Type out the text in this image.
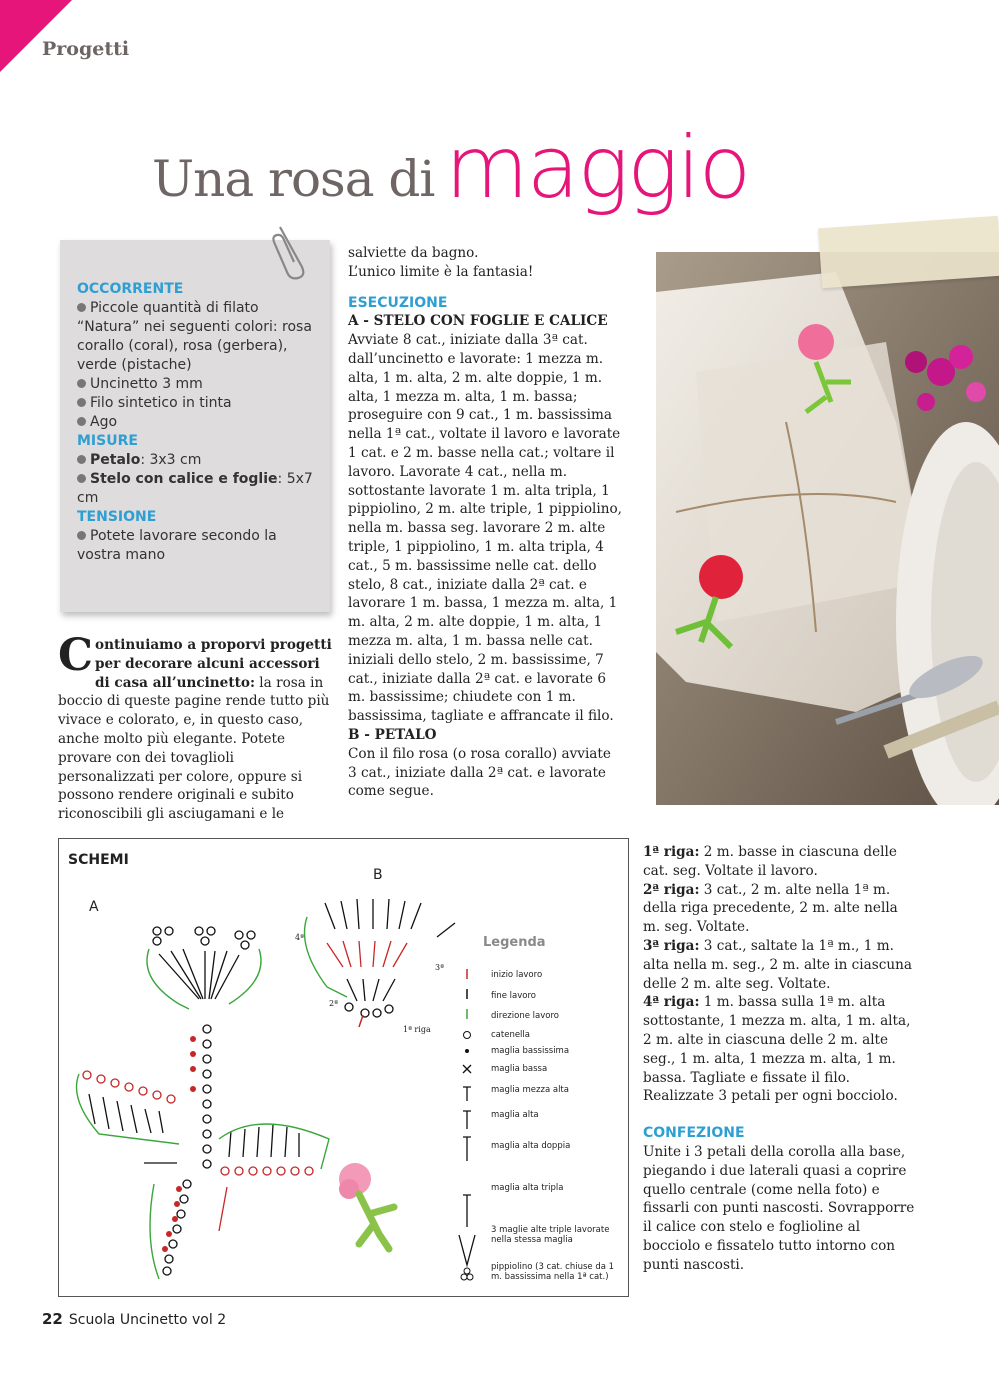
Progetti
Una rosa di maggio

OCCORRENTE

Piccole quantità di filato “Natura” nei seguenti colori: rosa corallo (coral), rosa (gerbera), verde (pistache)

Uncinetto 3 mm

Filo sintetico in tinta

Ago

MISURE

Petalo: 3x3 cm

Stelo con calice e foglie: 5x7 cm

TENSIONE

Potete lavorare secondo la vostra mano

Continuiamo a proporvi progetti per decorare alcuni accessori di casa all’uncinetto: la rosa in boccio di queste pagine rende tutto più vivace e colorato, e, in questo caso, anche molto più elegante. Potete provare con dei tovaglioli personalizzati per colore, oppure si possono rendere originali e subito riconoscibili gli asciugamani e le

salviette da bagno.

L’unico limite è la fantasia!

ESECUZIONE

A - STELO CON FOGLIE E CALICE

Avviate 8 cat., iniziate dalla 3ª cat. dall’uncinetto e lavorate: 1 mezza m. alta, 1 m. alta, 2 m. alte doppie, 1 m. alta, 1 mezza m. alta, 1 m. bassa; proseguire con 9 cat., 1 m. bassissima nella 1ª cat., voltate il lavoro e lavorate 1 cat. e 2 m. basse nella cat.; voltare il lavoro. Lavorate 4 cat., nella m. sottostante lavorate 1 m. alta tripla, 1 pippiolino, 2 m. alte triple, 1 pippiolino, nella m. bassa seg. lavorare 2 m. alte triple, 1 pippiolino, 1 m. alta tripla, 4 cat., 5 m. bassissime nelle cat. dello stelo, 8 cat., iniziate dalla 2ª cat. e lavorare 1 m. bassa, 1 mezza m. alta, 1 m. alta, 2 m. alte doppie, 1 m. alta, 1 mezza m. alta, 1 m. bassa nelle cat. iniziali dello stelo, 2 m. bassissime, 7 cat., iniziate dalla 2ª cat. e lavorate 6 m. bassissime; chiudete con 1 m. bassissima, tagliate e affrancate il filo.

B - PETALO

Con il filo rosa (o rosa corallo) avviate 3 cat., iniziate dalla 2ª cat. e lavorate come segue.

SCHEMI
A
B
4ª
3ª
2ª
1ª riga
Legenda
inizio lavoro
fine lavoro
direzione lavoro
catenella
maglia bassissima
maglia bassa
maglia mezza alta
maglia alta
maglia alta doppia
maglia alta tripla
3 maglie alte triple lavorate nella stessa maglia
pippiolino (3 cat. chiuse da 1 m. bassissima nella 1ª cat.)

1ª riga: 2 m. basse in ciascuna delle cat. seg. Voltate il lavoro.

2ª riga: 3 cat., 2 m. alte nella 1ª m. della riga precedente, 2 m. alte nella m. seg. Voltate.

3ª riga: 3 cat., saltate la 1ª m., 1 m. alta nella m. seg., 2 m. alte in ciascuna delle 2 m. alte seg. Voltate.

4ª riga: 1 m. bassa sulla 1ª m. alta sottostante, 1 mezza m. alta, 1 m. alta, 2 m. alte in ciascuna delle 2 m. alte seg., 1 m. alta, 1 mezza m. alta, 1 m. bassa. Tagliate e fissate il filo. Realizzate 3 petali per ogni bocciolo.

CONFEZIONE

Unite i 3 petali della corolla alla base, piegando i due laterali quasi a coprire quello centrale (come nella foto) e fissarli con punti nascosti. Sovrapporre il calice con stelo e foglioline al bocciolo e fissatelo tutto intorno con punti nascosti.

22 Scuola Uncinetto vol 2
